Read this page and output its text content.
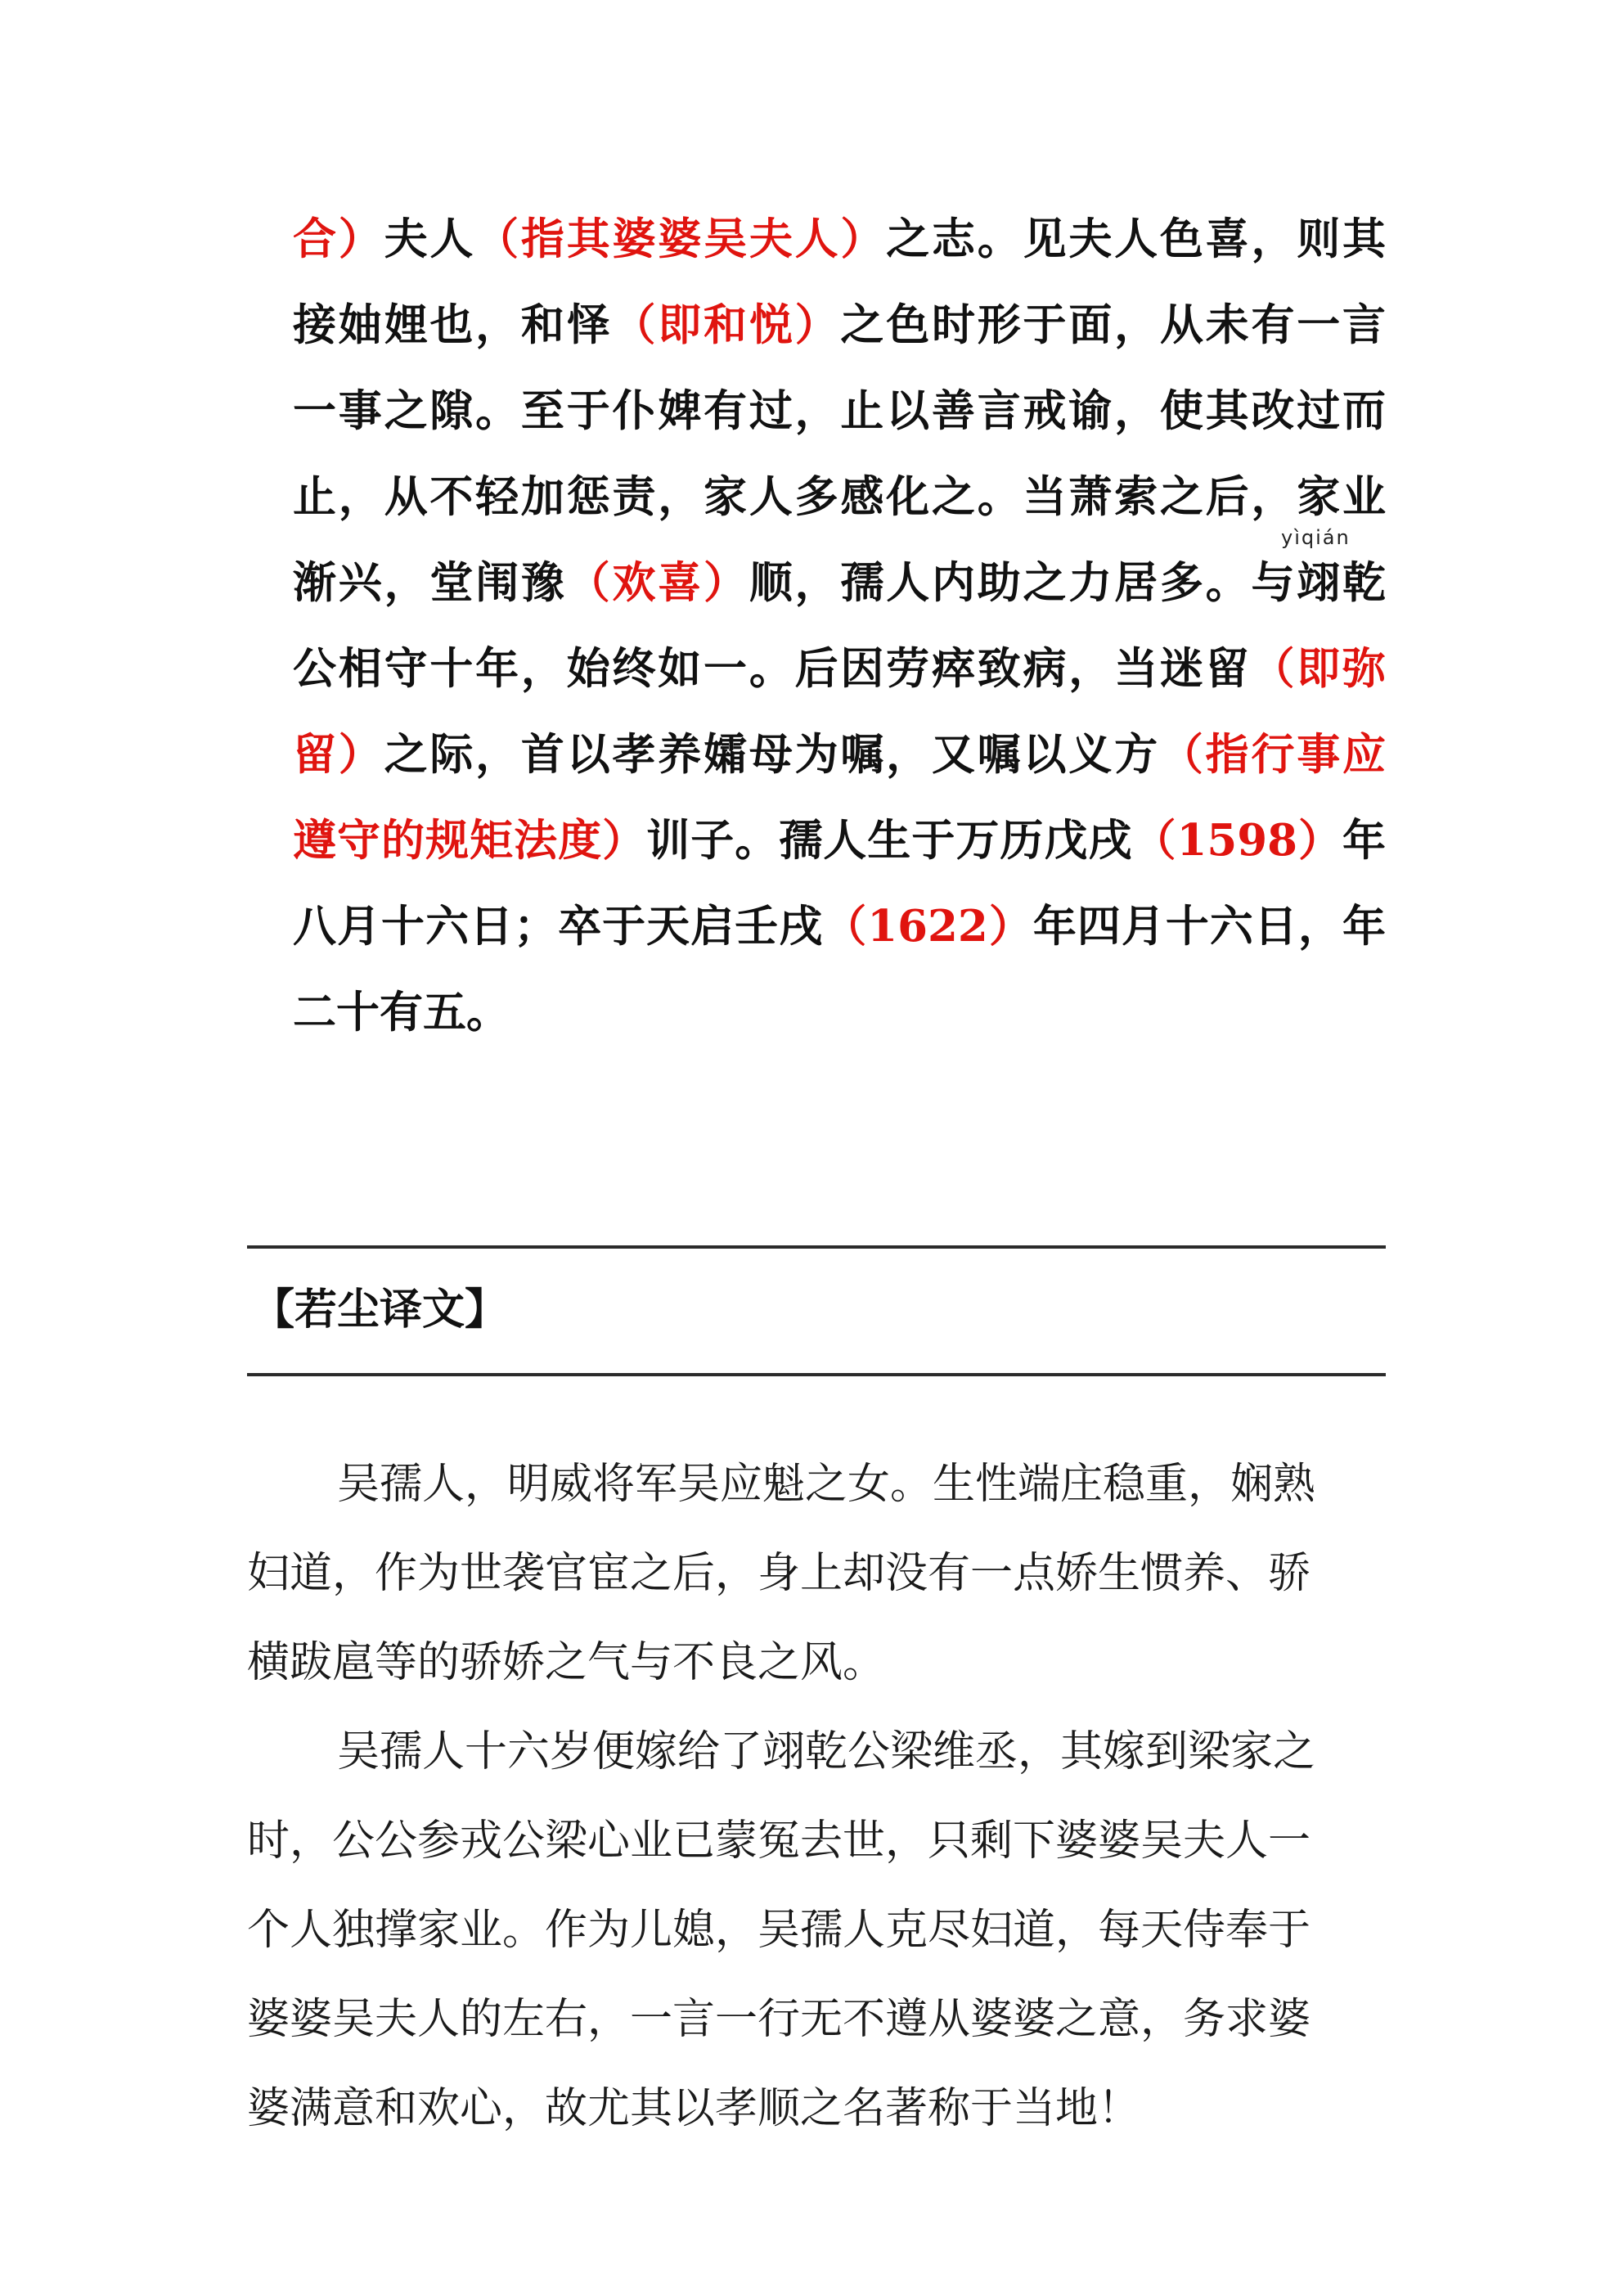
合）夫人（指其婆婆吴夫人）之志。见夫人色喜，则其
接妯娌也，和怿（即和悦）之色时形于面，从未有一言
一事之隙。至于仆婢有过，止以善言戒谕，使其改过而
止，从不轻加惩责，家人多感化之。当萧索之后，家业
yìqián
渐兴，堂闱豫（欢喜）顺，孺人内助之力居多。与翊乾
公相守十年，始终如一。后因劳瘁致病，当迷留（即弥
留）之际，首以孝养孀母为嘱，又嘱以义方（指行事应
遵守的规矩法度）训子。孺人生于万历戊戌（1598）年
八月十六日；卒于天启壬戌（1622）年四月十六日，年
二十有五。
【若尘译文】
吴孺人，明威将军吴应魁之女。生性端庄稳重，娴熟
妇道，作为世袭官宦之后，身上却没有一点娇生惯养、骄
横跋扈等的骄娇之气与不良之风。
吴孺人十六岁便嫁给了翊乾公梁维丞，其嫁到梁家之
时，公公参戎公梁心业已蒙冤去世，只剩下婆婆吴夫人一
个人独撑家业。作为儿媳，吴孺人克尽妇道，每天侍奉于
婆婆吴夫人的左右，一言一行无不遵从婆婆之意，务求婆
婆满意和欢心，故尤其以孝顺之名著称于当地！
